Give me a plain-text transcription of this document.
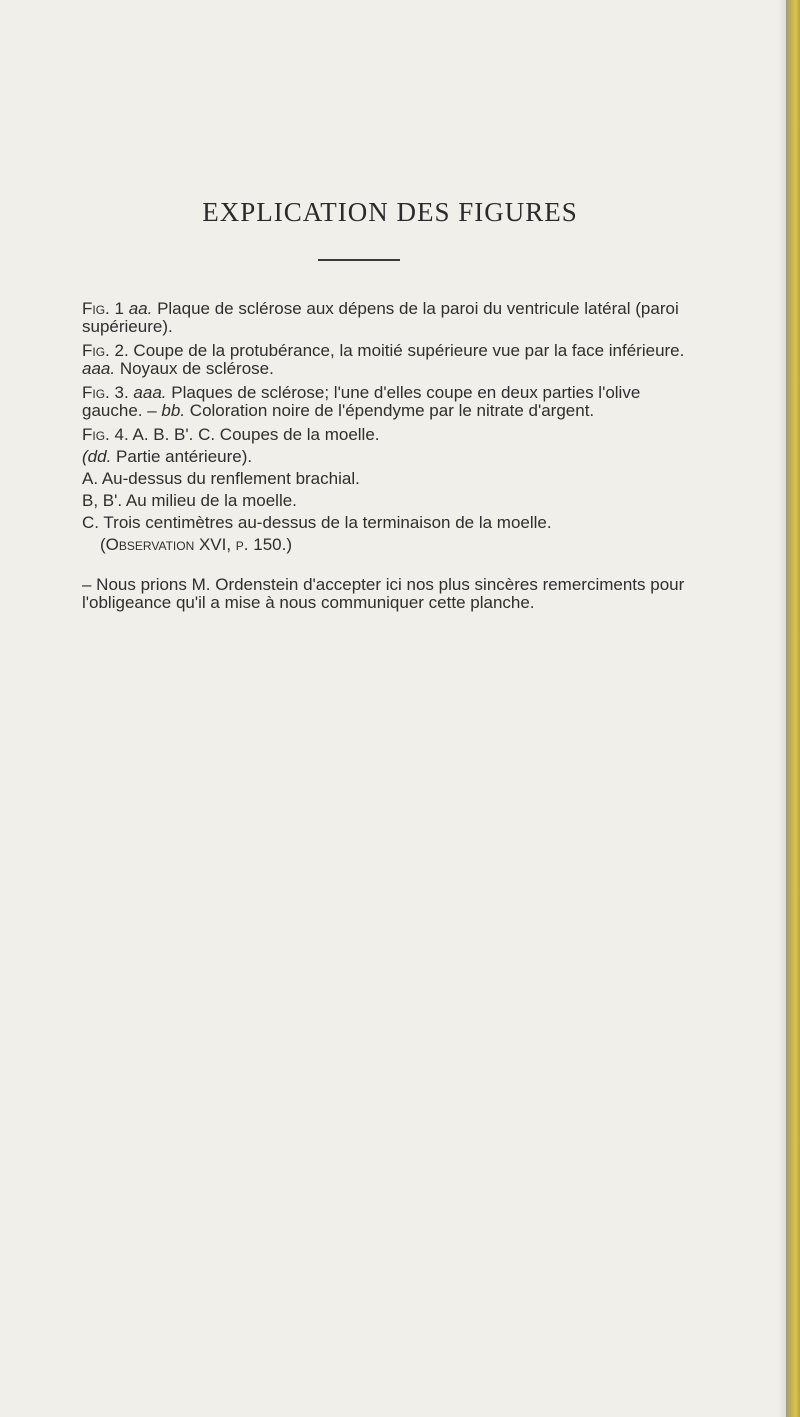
EXPLICATION DES FIGURES
Fig. 1 aa. Plaque de sclérose aux dépens de la paroi du ventricule latéral (paroi supérieure).
Fig. 2. Coupe de la protubérance, la moitié supérieure vue par la face inférieure. aaa. Noyaux de sclérose.
Fig. 3. aaa. Plaques de sclérose; l'une d'elles coupe en deux parties l'olive gauche. – bb. Coloration noire de l'épendyme par le nitrate d'argent.
Fig. 4. A. B. B'. C. Coupes de la moelle.
(dd. Partie antérieure).
A. Au-dessus du renflement brachial.
B, B'. Au milieu de la moelle.
C. Trois centimètres au-dessus de la terminaison de la moelle.
(Observation XVI, p. 150.)
– Nous prions M. Ordenstein d'accepter ici nos plus sincères remerciments pour l'obligeance qu'il a mise à nous communiquer cette planche.
